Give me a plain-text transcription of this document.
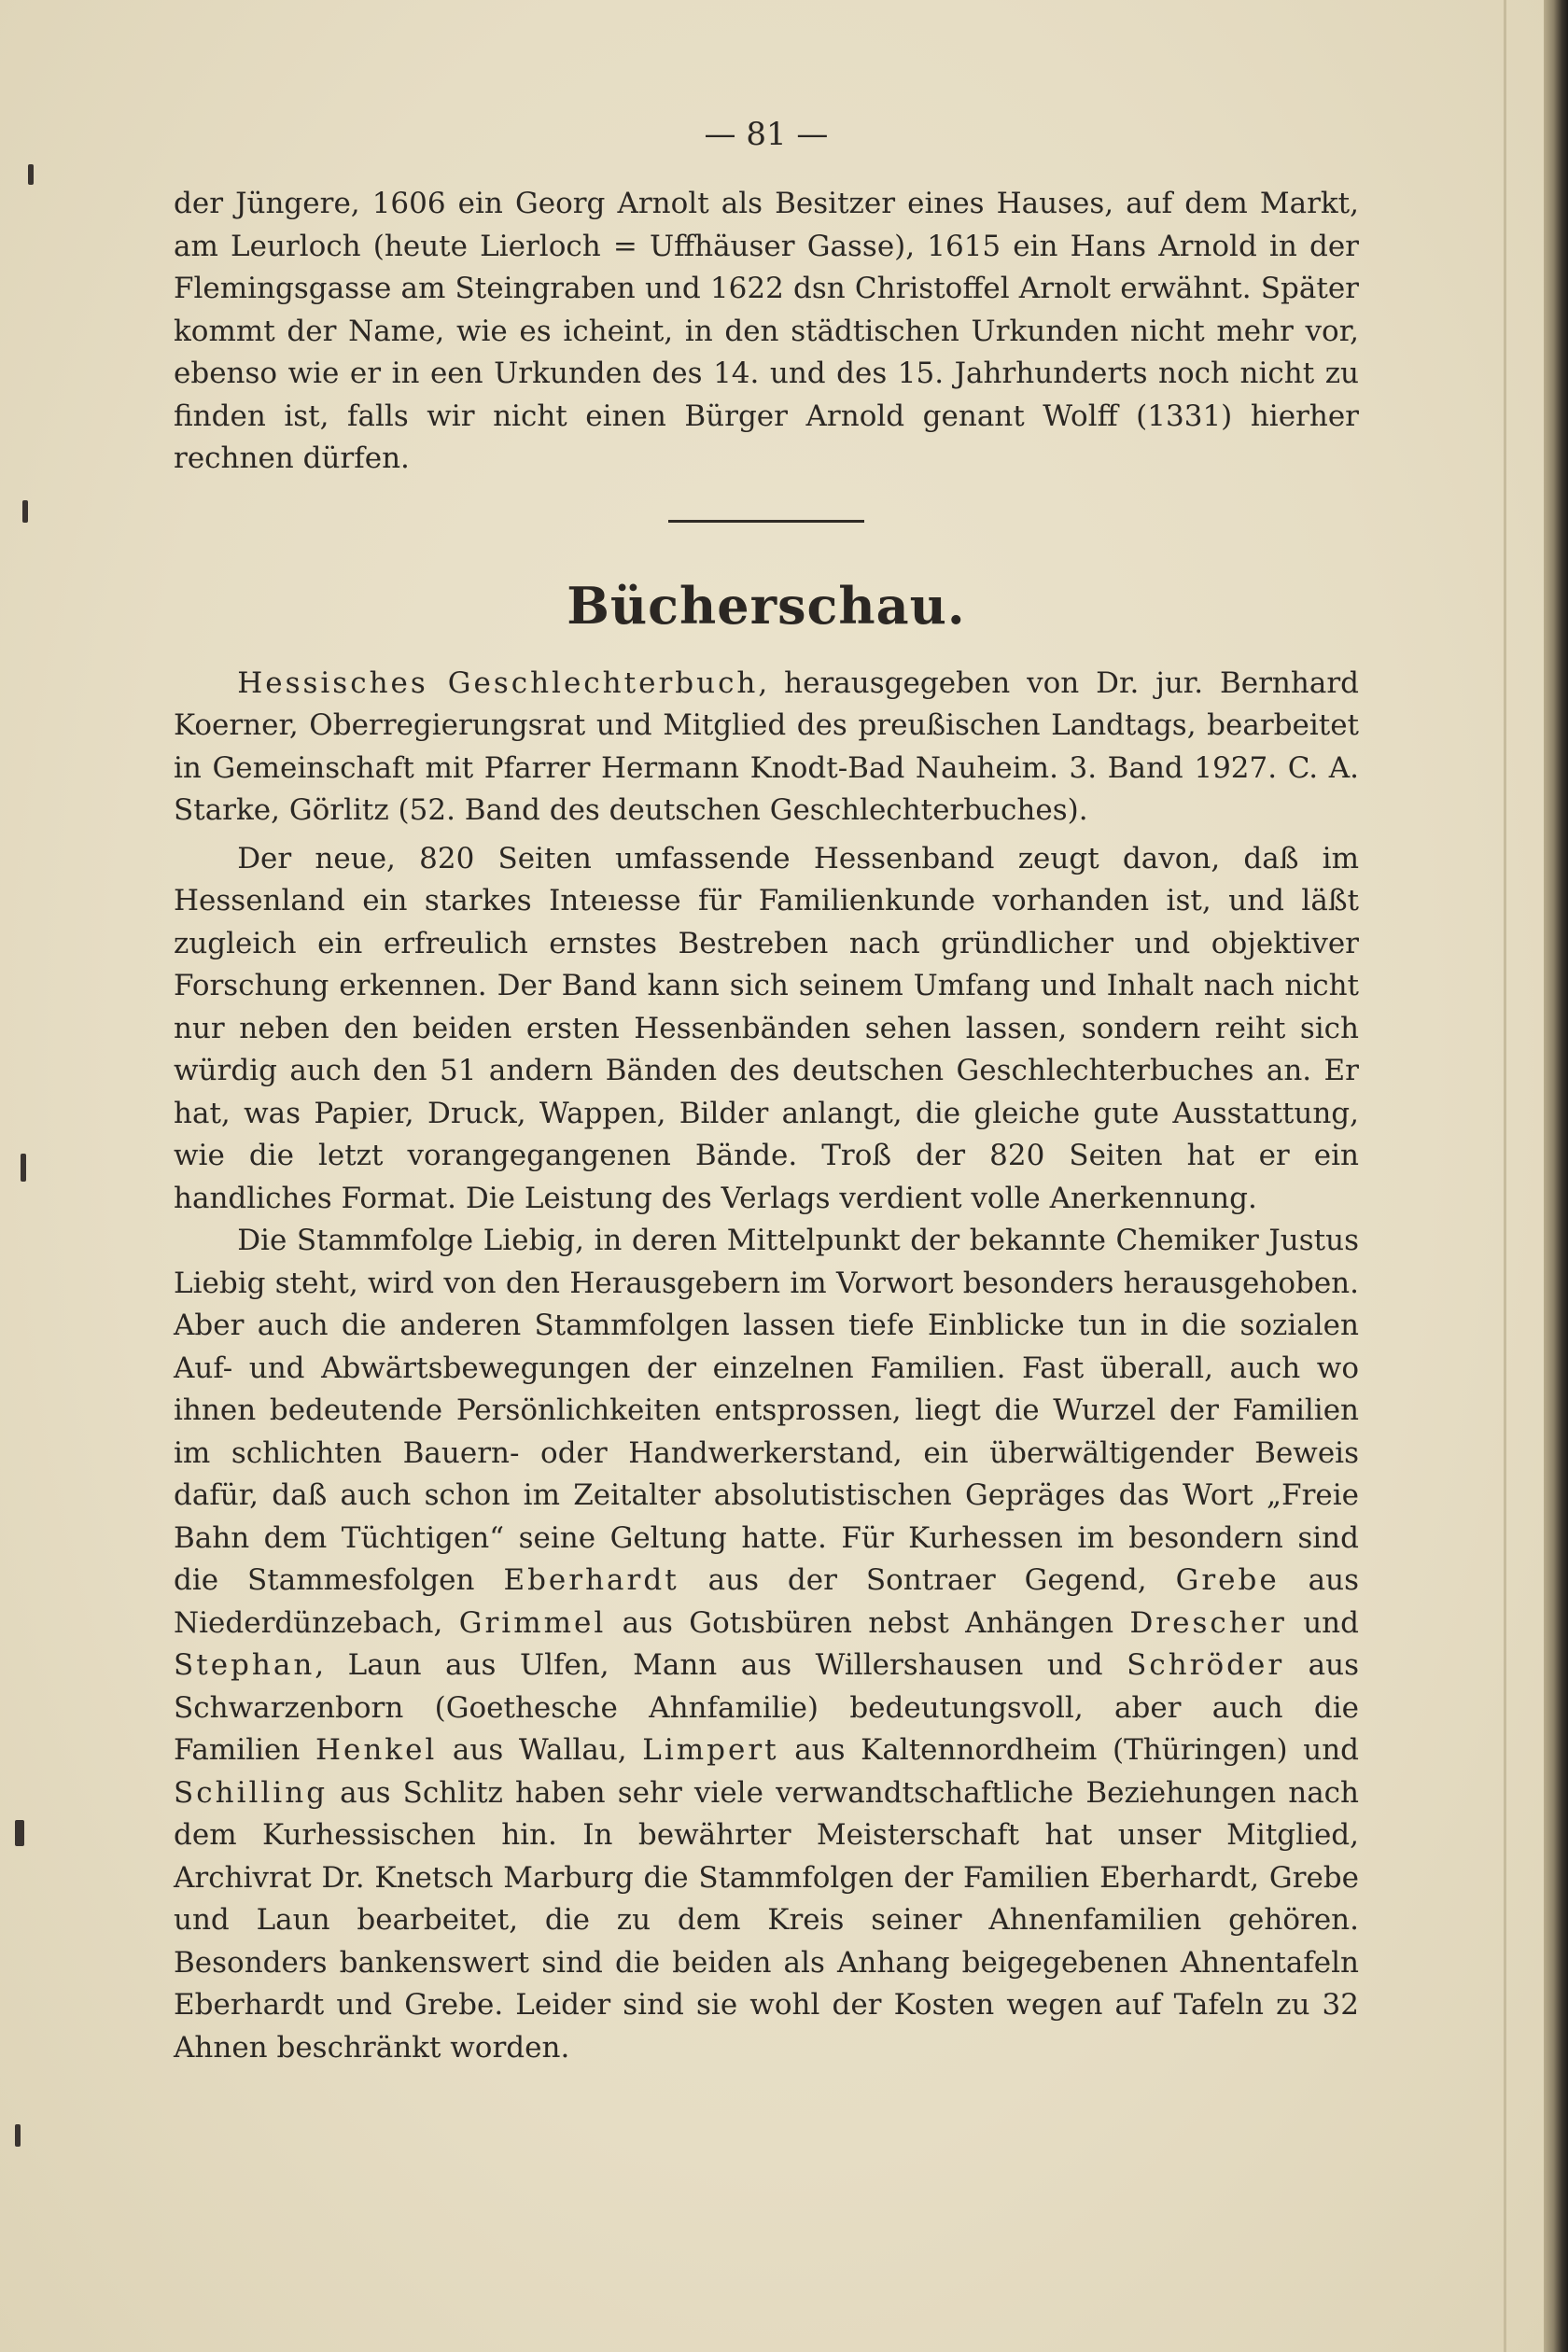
— 81 —

der Jüngere, 1606 ein Georg Arnolt als Besitzer eines Hauses, auf dem Markt, am Leurloch (heute Lierloch = Uffhäuser Gasse), 1615 ein Hans Arnold in der Flemingsgasse am Steingraben und 1622 dsn Christoffel Arnolt erwähnt. Später kommt der Name, wie es icheint, in den städtischen Urkunden nicht mehr vor, ebenso wie er in een Urkunden des 14. und des 15. Jahrhunderts noch nicht zu finden ist, falls wir nicht einen Bürger Arnold genant Wolff (1331) hierher rechnen dürfen.

Bücherschau.

Hessisches Geschlechterbuch, herausgegeben von Dr. jur. Bernhard Koerner, Oberregierungsrat und Mitglied des preußischen Landtags, bearbeitet in Gemeinschaft mit Pfarrer Hermann Knodt-Bad Nauheim. 3. Band 1927. C. A. Starke, Görlitz (52. Band des deutschen Geschlechterbuches).

Der neue, 820 Seiten umfassende Hessenband zeugt davon, daß im Hessenland ein starkes Inteıesse für Familienkunde vorhanden ist, und läßt zugleich ein erfreulich ernstes Bestreben nach gründlicher und objektiver Forschung erkennen. Der Band kann sich seinem Umfang und Inhalt nach nicht nur neben den beiden ersten Hessenbänden sehen lassen, sondern reiht sich würdig auch den 51 andern Bänden des deutschen Geschlechterbuches an. Er hat, was Papier, Druck, Wappen, Bilder anlangt, die gleiche gute Ausstattung, wie die letzt vorangegangenen Bände. Troß der 820 Seiten hat er ein handliches Format. Die Leistung des Verlags verdient volle Anerkennung.

Die Stammfolge Liebig, in deren Mittelpunkt der bekannte Chemiker Justus Liebig steht, wird von den Herausgebern im Vorwort besonders herausgehoben. Aber auch die anderen Stammfolgen lassen tiefe Einblicke tun in die sozialen Auf- und Abwärtsbewegungen der einzelnen Familien. Fast überall, auch wo ihnen bedeutende Persönlichkeiten entsprossen, liegt die Wurzel der Familien im schlichten Bauern- oder Handwerkerstand, ein überwältigender Beweis dafür, daß auch schon im Zeitalter absolutistischen Gepräges das Wort „Freie Bahn dem Tüchtigen“ seine Geltung hatte. Für Kurhessen im besondern sind die Stammesfolgen Eberhardt aus der Sontraer Gegend, Grebe aus Niederdünzebach, Grimmel aus Gotısbüren nebst Anhängen Drescher und Stephan, Laun aus Ulfen, Mann aus Willershausen und Schröder aus Schwarzenborn (Goethesche Ahnfamilie) bedeutungsvoll, aber auch die Familien Henkel aus Wallau, Limpert aus Kaltennordheim (Thüringen) und Schilling aus Schlitz haben sehr viele verwandtschaftliche Beziehungen nach dem Kurhessischen hin. In bewährter Meisterschaft hat unser Mitglied, Archivrat Dr. Knetsch Marburg die Stammfolgen der Familien Eberhardt, Grebe und Laun bearbeitet, die zu dem Kreis seiner Ahnenfamilien gehören. Besonders bankenswert sind die beiden als Anhang beigegebenen Ahnentafeln Eberhardt und Grebe. Leider sind sie wohl der Kosten wegen auf Tafeln zu 32 Ahnen beschränkt worden.
